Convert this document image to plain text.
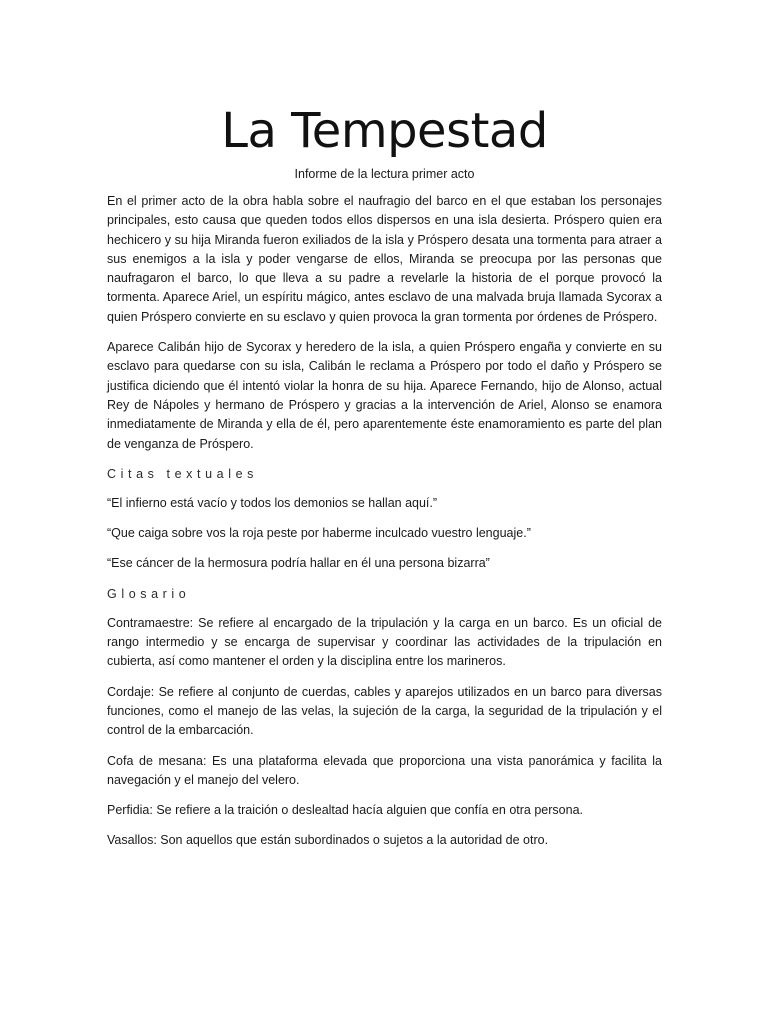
La Tempestad

Informe de la lectura primer acto

En el primer acto de la obra habla sobre el naufragio del barco en el que estaban los personajes principales, esto causa que queden todos ellos dispersos en una isla desierta. Próspero quien era hechicero y su hija Miranda fueron exiliados de la isla y Próspero desata una tormenta para atraer a sus enemigos a la isla y poder vengarse de ellos, Miranda se preocupa por las personas que naufragaron el barco, lo que lleva a su padre a revelarle la historia de el porque provocó la tormenta. Aparece Ariel, un espíritu mágico, antes esclavo de una malvada bruja llamada Sycorax a quien Próspero convierte en su esclavo y quien provoca la gran tormenta por órdenes de Próspero.

Aparece Calibán hijo de Sycorax y heredero de la isla, a quien Próspero engaña y convierte en su esclavo para quedarse con su isla, Calibán le reclama a Próspero por todo el daño y Próspero se justifica diciendo que él intentó violar la honra de su hija. Aparece Fernando, hijo de Alonso, actual Rey de Nápoles y hermano de Próspero y gracias a la intervención de Ariel, Alonso se enamora inmediatamente de Miranda y ella de él, pero aparentemente éste enamoramiento es parte del plan de venganza de Próspero.

Citas textuales

“El infierno está vacío y todos los demonios se hallan aquí.”

“Que caiga sobre vos la roja peste por haberme inculcado vuestro lenguaje.”

“Ese cáncer de la hermosura podría hallar en él una persona bizarra”

Glosario

Contramaestre: Se refiere al encargado de la tripulación y la carga en un barco. Es un oficial de rango intermedio y se encarga de supervisar y coordinar las actividades de la tripulación en cubierta, así como mantener el orden y la disciplina entre los marineros.

Cordaje: Se refiere al conjunto de cuerdas, cables y aparejos utilizados en un barco para diversas funciones, como el manejo de las velas, la sujeción de la carga, la seguridad de la tripulación y el control de la embarcación.

Cofa de mesana: Es una plataforma elevada que proporciona una vista panorámica y facilita la navegación y el manejo del velero.

Perfidia: Se refiere a la traición o deslealtad hacía alguien que confía en otra persona.

Vasallos: Son aquellos que están subordinados o sujetos a la autoridad de otro.
